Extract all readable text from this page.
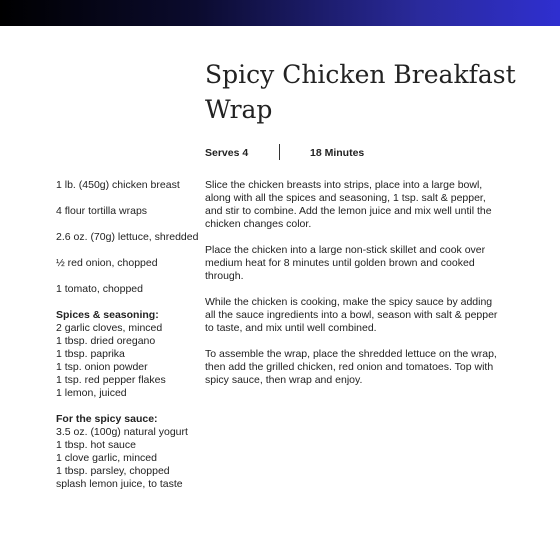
Spicy Chicken Breakfast Wrap
Serves 4	18 Minutes

1 lb. (450g) chicken breast

4 flour tortilla wraps

2.6 oz. (70g) lettuce, shredded

½ red onion, chopped

1 tomato, chopped

Spices & seasoning:

2 garlic cloves, minced

1 tbsp. dried oregano

1 tbsp. paprika

1 tsp. onion powder

1 tsp. red pepper flakes

1 lemon, juiced

For the spicy sauce:

3.5 oz. (100g) natural yogurt

1 tbsp. hot sauce

1 clove garlic, minced

1 tbsp. parsley, chopped

splash lemon juice, to taste

Slice the chicken breasts into strips, place into a large bowl, along with all the spices and seasoning, 1 tsp. salt & pepper, and stir to combine. Add the lemon juice and mix well until the chicken changes color.

Place the chicken into a large non-stick skillet and cook over medium heat for 8 minutes until golden brown and cooked through.

While the chicken is cooking, make the spicy sauce by adding all the sauce ingredients into a bowl, season with salt & pepper to taste, and mix until well combined.

To assemble the wrap, place the shredded lettuce on the wrap, then add the grilled chicken, red onion and tomatoes. Top with spicy sauce, then wrap and enjoy.
